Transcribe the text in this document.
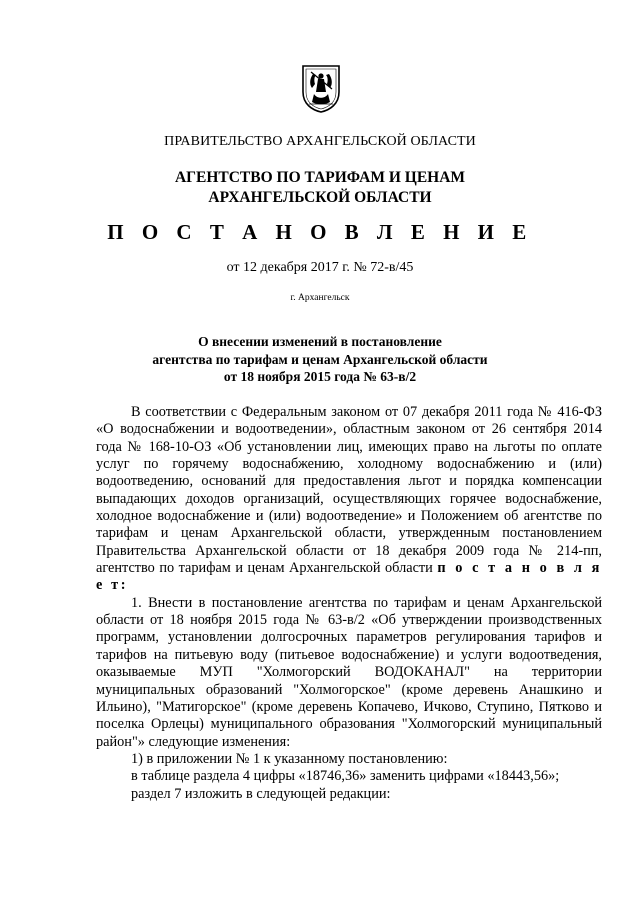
ПРАВИТЕЛЬСТВО АРХАНГЕЛЬСКОЙ ОБЛАСТИ
АГЕНТСТВО ПО ТАРИФАМ И ЦЕНАМ
АРХАНГЕЛЬСКОЙ ОБЛАСТИ
П О С Т А Н О В Л Е Н И Е
от 12 декабря 2017 г. № 72-в/45
г. Архангельск
О внесении изменений в постановление
агентства по тарифам и ценам Архангельской области
от 18 ноября 2015 года № 63-в/2

В соответствии с Федеральным законом от 07 декабря 2011 года № 416-ФЗ «О водоснабжении и водоотведении», областным законом от 26 сентября 2014 года № 168-10-ОЗ «Об установлении лиц, имеющих право на льготы по оплате услуг по горячему водоснабжению, холодному водоснабжению и (или) водоотведению, оснований для предоставления льгот и порядка компенсации выпадающих доходов организаций, осуществляющих горячее водоснабжение, холодное водоснабжение и (или) водоотведение» и Положением об агентстве по тарифам и ценам Архангельской области, утвержденным постановлением Правительства Архангельской области от 18 декабря 2009 года № 214-пп, агентство по тарифам и ценам Архангельской области п о с т а н о в л я е т:

1. Внести в постановление агентства по тарифам и ценам Архангельской области от 18 ноября 2015 года № 63-в/2 «Об утверждении производственных программ, установлении долгосрочных параметров регулирования тарифов и тарифов на питьевую воду (питьевое водоснабжение) и услуги водоотведения, оказываемые МУП "Холмогорский ВОДОКАНАЛ" на территории муниципальных образований "Холмогорское" (кроме деревень Анашкино и Ильино), "Матигорское" (кроме деревень Копачево, Ичково, Ступино, Пятково и поселка Орлецы) муниципального образования "Холмогорский муниципальный район"» следующие изменения:

1) в приложении № 1 к указанному постановлению:

в таблице раздела 4 цифры «18746,36» заменить цифрами «18443,56»;

раздел 7 изложить в следующей редакции:
